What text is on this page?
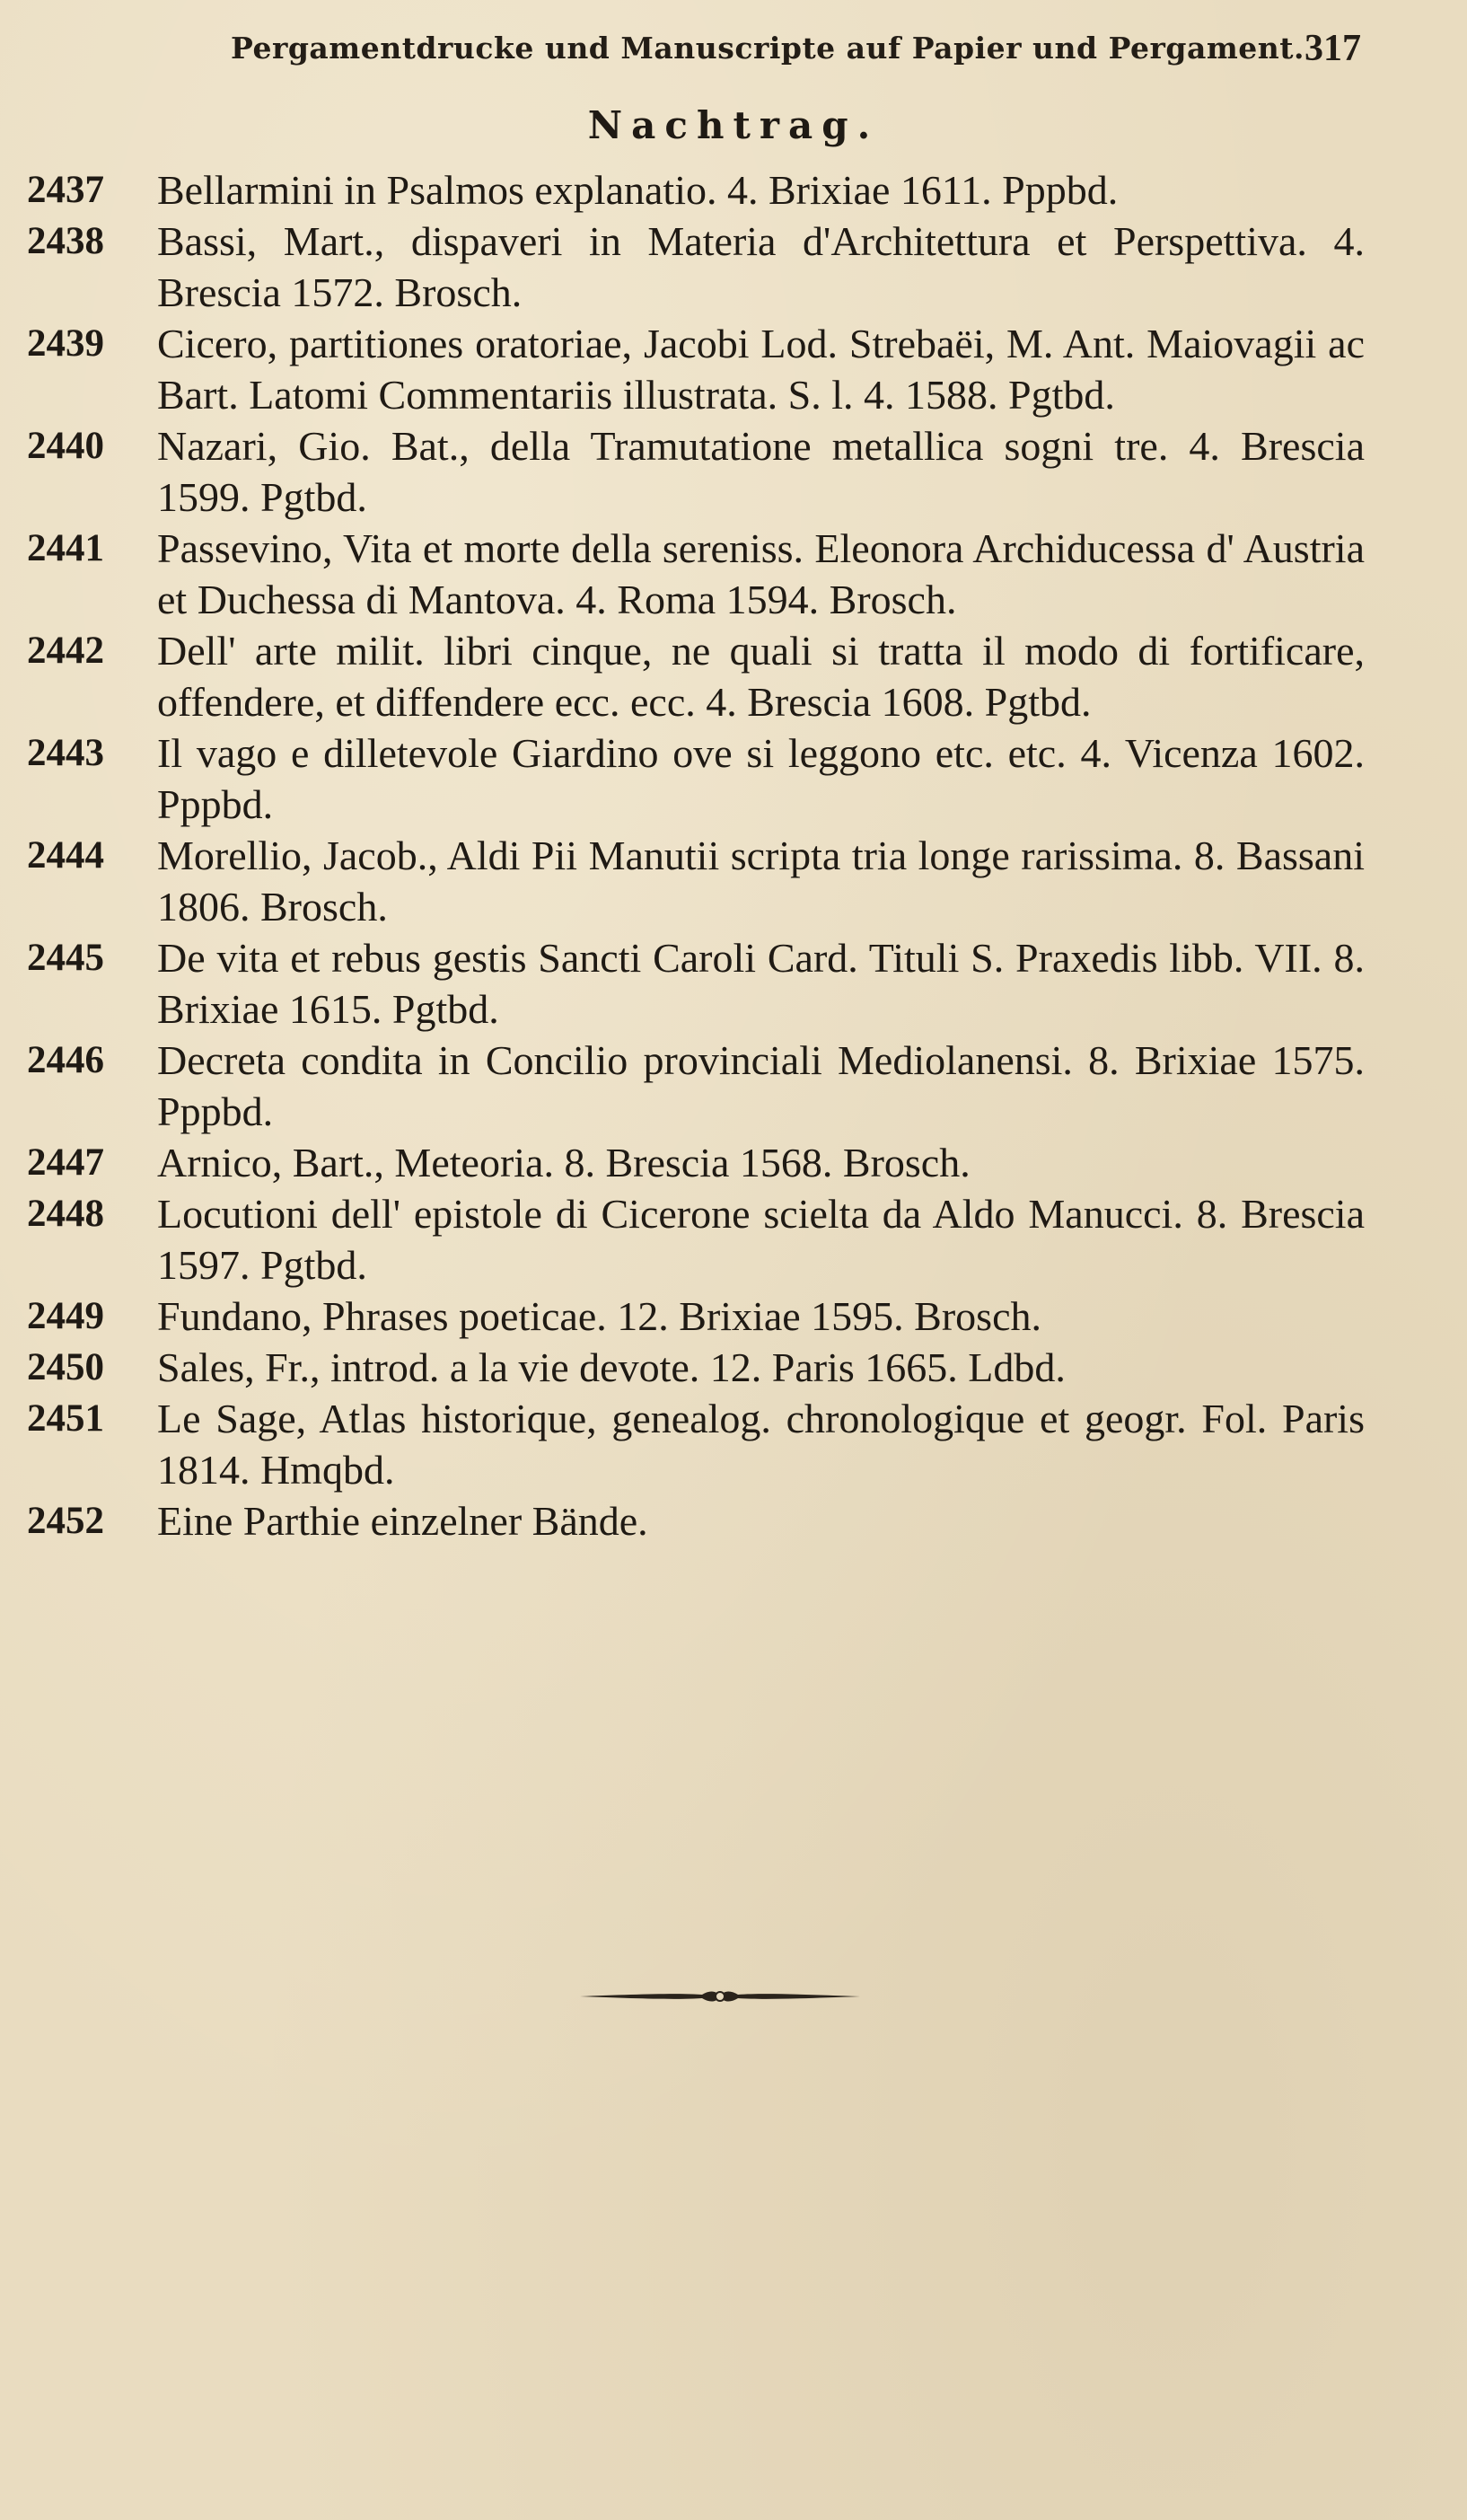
Pergamentdrucke und Manuscripte auf Papier und Pergament. 317
Nachtrag.
2437	Bellarmini in Psalmos explanatio. 4. Brixiae 1611. Pppbd.
2438	Bassi, Mart., dispaveri in Materia d'Architettura et Perspettiva. 4. Brescia 1572. Brosch.
2439	Cicero, partitiones oratoriae, Jacobi Lod. Strebaëi, M. Ant. Maiovagii ac Bart. Latomi Commentariis illustrata. S. l. 4. 1588. Pgtbd.
2440	Nazari, Gio. Bat., della Tramutatione metallica sogni tre. 4. Brescia 1599. Pgtbd.
2441	Passevino, Vita et morte della sereniss. Eleonora Archiducessa d' Austria et Duchessa di Mantova. 4. Roma 1594. Brosch.
2442	Dell' arte milit. libri cinque, ne quali si tratta il modo di fortificare, offendere, et diffendere ecc. ecc. 4. Brescia 1608. Pgtbd.
2443	Il vago e dilletevole Giardino ove si leggono etc. etc. 4. Vicenza 1602. Pppbd.
2444	Morellio, Jacob., Aldi Pii Manutii scripta tria longe rarissima. 8. Bassani 1806. Brosch.
2445	De vita et rebus gestis Sancti Caroli Card. Tituli S. Praxedis libb. VII. 8. Brixiae 1615. Pgtbd.
2446	Decreta condita in Concilio provinciali Mediolanensi. 8. Brixiae 1575. Pppbd.
2447	Arnico, Bart., Meteoria. 8. Brescia 1568. Brosch.
2448	Locutioni dell' epistole di Cicerone scielta da Aldo Manucci. 8. Brescia 1597. Pgtbd.
2449	Fundano, Phrases poeticae. 12. Brixiae 1595. Brosch.
2450	Sales, Fr., introd. a la vie devote. 12. Paris 1665. Ldbd.
2451	Le Sage, Atlas historique, genealog. chronologique et geogr. Fol. Paris 1814. Hmqbd.
2452	Eine Parthie einzelner Bände.
